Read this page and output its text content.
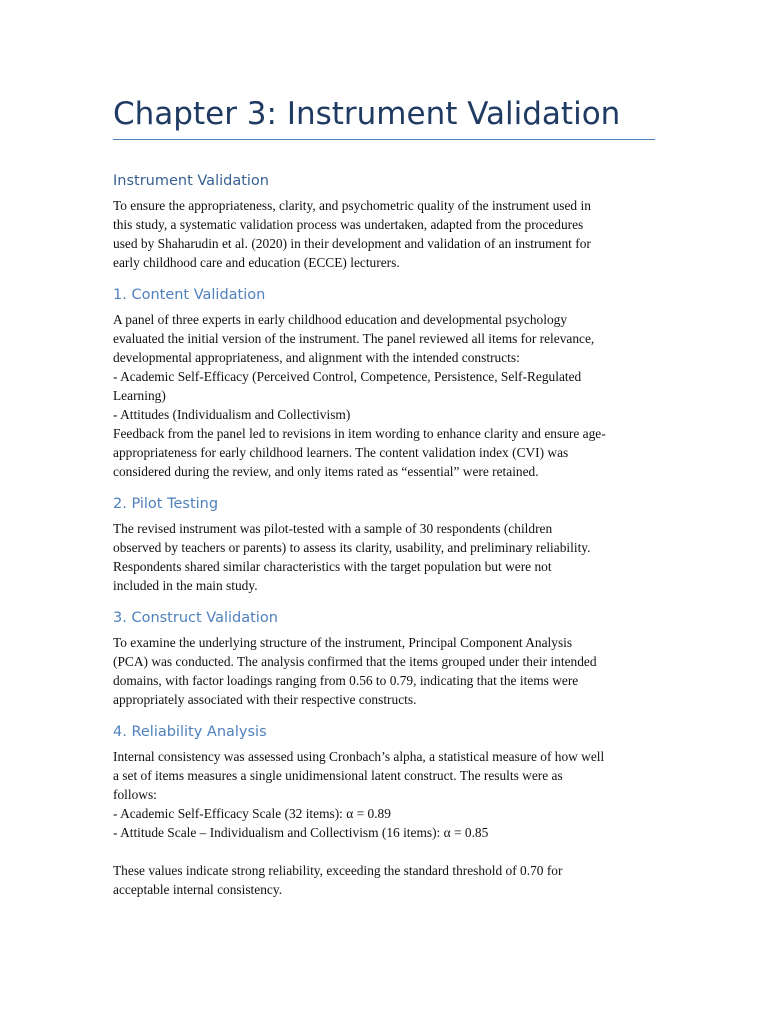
Chapter 3: Instrument Validation
Instrument Validation

To ensure the appropriateness, clarity, and psychometric quality of the instrument used in

this study, a systematic validation process was undertaken, adapted from the procedures

used by Shaharudin et al. (2020) in their development and validation of an instrument for

early childhood care and education (ECCE) lecturers.

1. Content Validation

A panel of three experts in early childhood education and developmental psychology

evaluated the initial version of the instrument. The panel reviewed all items for relevance,

developmental appropriateness, and alignment with the intended constructs:

- Academic Self-Efficacy (Perceived Control, Competence, Persistence, Self-Regulated

Learning)

- Attitudes (Individualism and Collectivism)

Feedback from the panel led to revisions in item wording to enhance clarity and ensure age-

appropriateness for early childhood learners. The content validation index (CVI) was

considered during the review, and only items rated as “essential” were retained.

2. Pilot Testing

The revised instrument was pilot-tested with a sample of 30 respondents (children

observed by teachers or parents) to assess its clarity, usability, and preliminary reliability.

Respondents shared similar characteristics with the target population but were not

included in the main study.

3. Construct Validation

To examine the underlying structure of the instrument, Principal Component Analysis

(PCA) was conducted. The analysis confirmed that the items grouped under their intended

domains, with factor loadings ranging from 0.56 to 0.79, indicating that the items were

appropriately associated with their respective constructs.

4. Reliability Analysis

Internal consistency was assessed using Cronbach’s alpha, a statistical measure of how well

a set of items measures a single unidimensional latent construct. The results were as

follows:

- Academic Self-Efficacy Scale (32 items): α = 0.89

- Attitude Scale – Individualism and Collectivism (16 items): α = 0.85

These values indicate strong reliability, exceeding the standard threshold of 0.70 for

acceptable internal consistency.
